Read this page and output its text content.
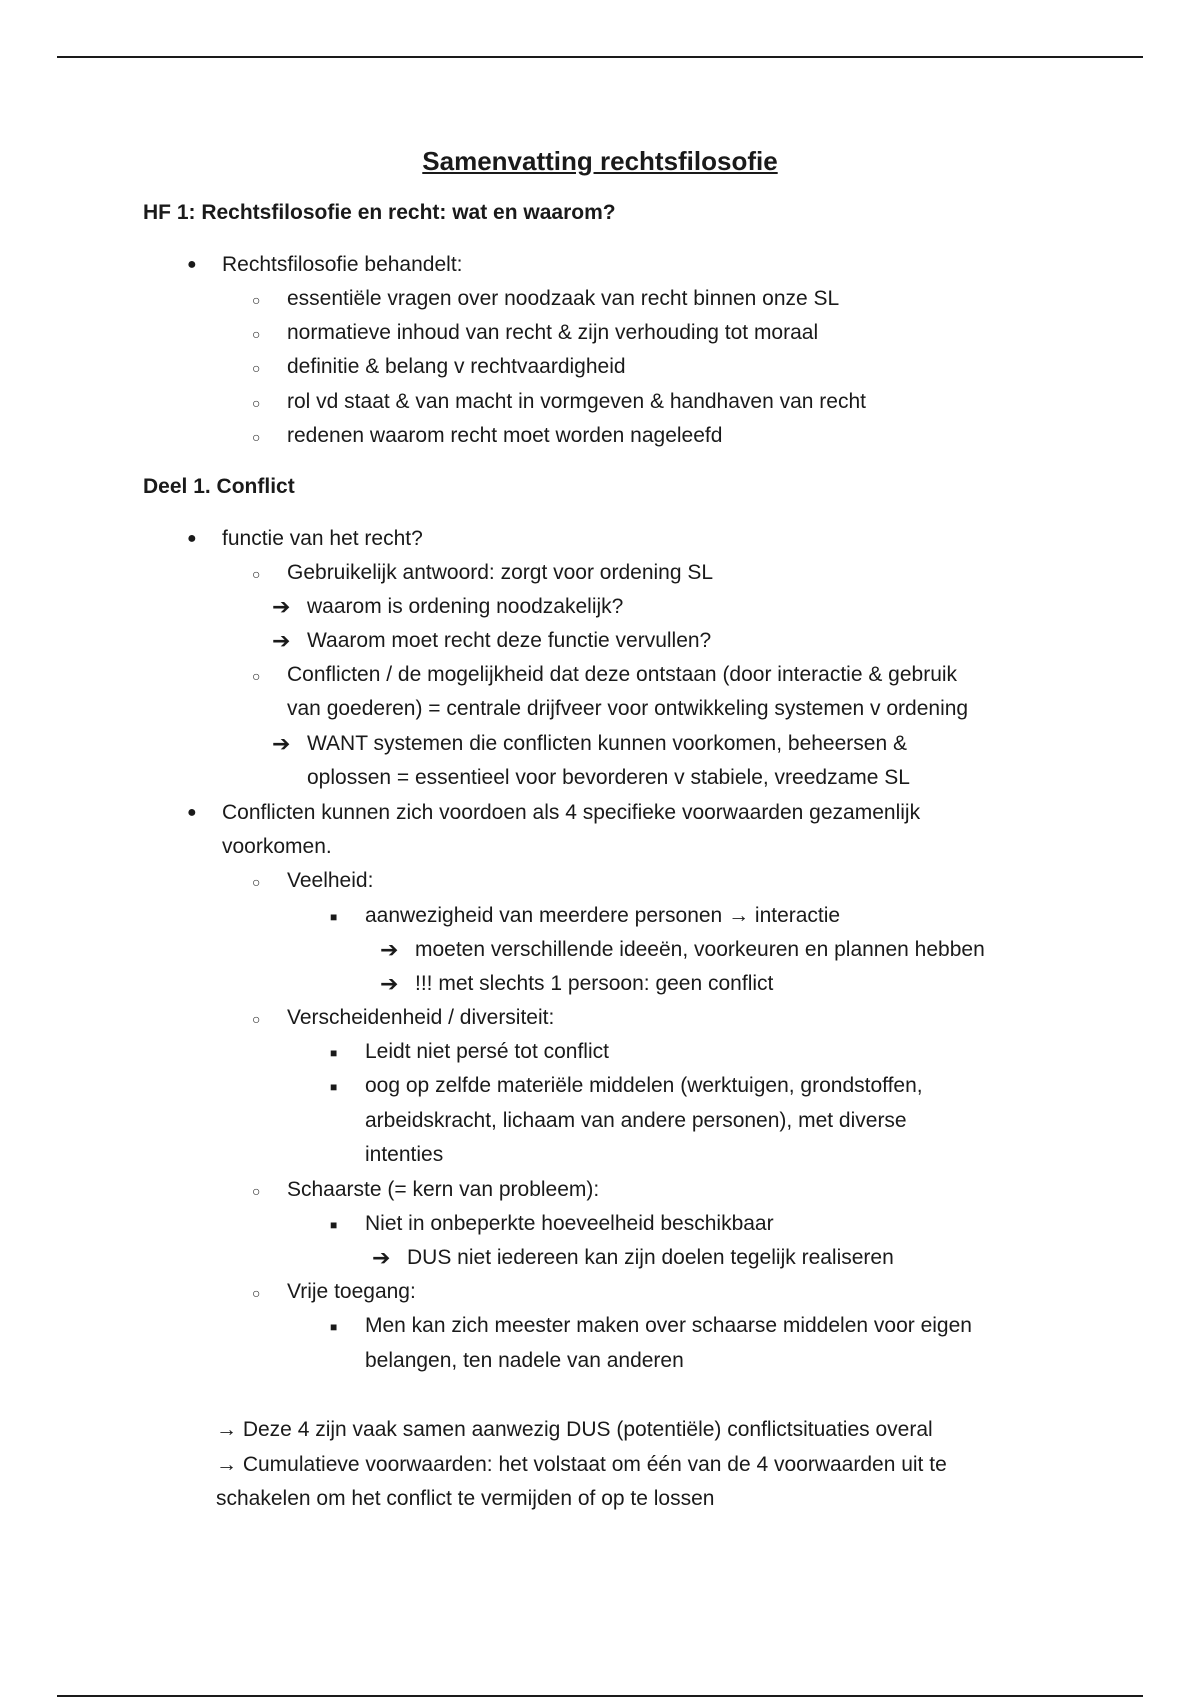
Samenvatting rechtsfilosofie
HF 1: Rechtsfilosofie en recht: wat en waarom?
● Rechtsfilosofie behandelt:
○ essentiële vragen over noodzaak van recht binnen onze SL
○ normatieve inhoud van recht & zijn verhouding tot moraal
○ definitie & belang v rechtvaardigheid
○ rol vd staat & van macht in vormgeven & handhaven van recht
○ redenen waarom recht moet worden nageleefd
Deel 1. Conflict
● functie van het recht?
○ Gebruikelijk antwoord: zorgt voor ordening SL
➔ waarom is ordening noodzakelijk?
➔ Waarom moet recht deze functie vervullen?
○ Conflicten / de mogelijkheid dat deze ontstaan (door interactie & gebruik
van goederen) = centrale drijfveer voor ontwikkeling systemen v ordening
➔ WANT systemen die conflicten kunnen voorkomen, beheersen &
oplossen = essentieel voor bevorderen v stabiele, vreedzame SL
● Conflicten kunnen zich voordoen als 4 specifieke voorwaarden gezamenlijk
voorkomen.
○ Veelheid:
■ aanwezigheid van meerdere personen → interactie
➔ moeten verschillende ideeën, voorkeuren en plannen hebben
➔ !!! met slechts 1 persoon: geen conflict
○ Verscheidenheid / diversiteit:
■ Leidt niet persé tot conflict
■ oog op zelfde materiële middelen (werktuigen, grondstoffen,
arbeidskracht, lichaam van andere personen), met diverse
intenties
○ Schaarste (= kern van probleem):
■ Niet in onbeperkte hoeveelheid beschikbaar
➔ DUS niet iedereen kan zijn doelen tegelijk realiseren
○ Vrije toegang:
■ Men kan zich meester maken over schaarse middelen voor eigen
belangen, ten nadele van anderen
→ Deze 4 zijn vaak samen aanwezig DUS (potentiële) conflictsituaties overal
→ Cumulatieve voorwaarden: het volstaat om één van de 4 voorwaarden uit te
schakelen om het conflict te vermijden of op te lossen
